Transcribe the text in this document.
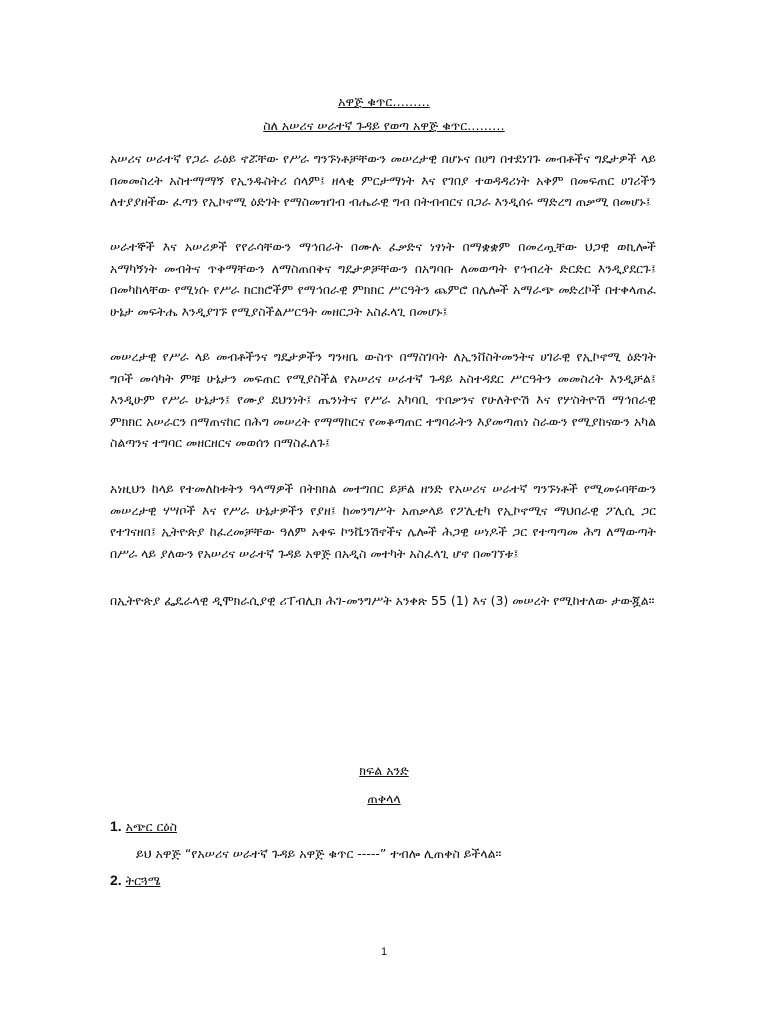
አዋጅ ቁጥር………
ስለ አሠሪና ሠራተኛ ጉዳይ የወጣ አዋጅ ቁጥር………

አሠሪና ሠራተኛ የጋራ ራዕይ ኖሯቸው የሥራ ግንኙነቶቻቸውን መሠረታዊ በሆኑና በሀግ በተደነገጉ መብቶችና ግዴታዎች ላይ በመመስረት አስተማማኝ የኢንዱስትሪ ሰላም፤ ዘላቂ ምርታማነት እና የገበያ ተወዳዳሪነት አቅም በመፍጠር ሀገሪችን ለተያያዘችው ፈጣን የኢኮኖሚ ዕድገት የማስመዝገብ ብሔራዊ ግብ በትብብርና በጋራ እንዲሰሩ ማድረግ ጠቃሚ በመሆኑ፤

ሠራተኞች እና አሠሪዎች የየራሳቸውን ማኅበራት በሙሉ ፈቃድና ነፃነት በማቋቋም በመረጧቸው ህጋዊ ወኪሎች አማካኝነት መብትና ጥቅማቸውን ለማስጠበቅና ግዴታዎቻቸውን በአግባቡ ለመወጣት የኅብረት ድርድር እንዲያደርጉ፤ በመካከላቸው የሚነሱ የሥራ ክርክሮችም የማኅበራዊ ምክክር ሥርዓትን ጨምሮ በሌሎች አማራጭ መድረኮች በተቀላጠፈ ሁኔታ መፍትሔ እንዲያገኙ የሚያስችልሥርዓት መዘርጋት አስፈላጊ በመሆኑ፤

መሠረታዊ የሥራ ላይ መብቶችንና ግዴታዎችን ግንዛቤ ውስጥ በማስገባት ለኢንቨስትመንትና ሀገራዊ የኢኮኖሚ ዕድገት ግቦች መሳካት ምቹ ሁኔታን መፍጠር የሚያስችል የአሠሪና ሠራተኛ ጉዳይ አስተዳደር ሥርዓትን መመስረት እንዲቻል፤ እንዲሁም የሥራ ሁኔታን፤ የሙያ ደህንነት፤ ጤንነትና የሥራ አካባቢ ጥበቃንና የሁለትዮሽ እና የሦስትዮሽ ማኅበራዊ ምክክር አሠራርን በማጠናከር በሕግ መሠረት የማማከርና የመቆጣጠር ተግባራትን እያመጣጠነ ስራውን የሚያከናውን አካል ስልጣንና ተግባር መዘርዘርና መወሰን በማስፈለጉ፤

አነዚህን ከላይ የተመለከቱትን ዓላማዎች በትክክል መተግበር ይቻል ዘንድ የአሠሪና ሠራተኛ ግንኙነቶች የሚመሩባቸውን መሠረታዊ ሃሣቦች እና የሥራ ሁኔታዎችን የያዘ፤ ከመንግሥት አጠቃላይ የፖሊቲካ የኢኮኖሚና ማህበራዊ ፖሊሲ ጋር የተገናዘበ፤ ኢትዮጵያ ከፈረመቻቸው ዓለም አቀፍ ኮንቬንሽኖችና ሌሎች ሕጋዊ ሠነዶች ጋር የተጣጣመ ሕግ ለማውጣት በሥራ ላይ ያለውን የአሠሪና ሠራተኛ ጉዳይ አዋጅ በአዲስ መተካት አስፈላጊ ሆኖ በመገኘቱ፤

በኢትዮጵያ ፌዴራላዊ ዲሞክራሲያዊ ሪፐብሊክ ሕገ-መንግሥት አንቀጽ 55 (1) እና (3) መሠረት የሚከተለው ታውጇል።

ክፍል አንድ
ጠቅላላ
1. አጭር ርዕስ
ይህ አዋጅ “የአሠሪና ሠራተኛ ጉዳይ አዋጅ ቁጥር -----” ተብሎ ሊጠቀስ ይችላል።
2. ትርጓሜ
1
